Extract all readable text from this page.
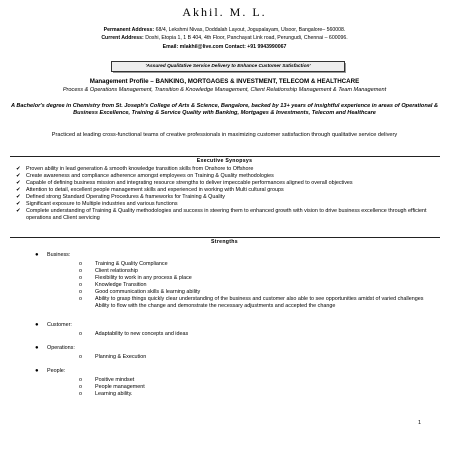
Akhil. M. L.
Permanent Address: 68/4, Lekshmi Nivas, Doddalah Layout, Jogupalayam, Ulsoor, Bangalore– 560008.
Current Address: Doshi, Etopia 1, 1 B 404, 4th Floor, Panchayat Link road, Perungudi, Chennai – 600096.
Email: mlakhil@live.com Contact: +91 9943990067
'Assured Qualitative Service Delivery to Enhance Customer Satisfaction'
Management Profile – BANKING, MORTGAGES & INVESTMENT, TELECOM & HEALTHCARE
Process & Operations Management, Transition & Knowledge Management, Client Relationship Management & Team Management
A Bachelor's degree in Chemistry from St. Joseph's College of Arts & Science, Bangalore, backed by 13+ years of insightful experience in areas of Operational & Business Excellence, Training & Service Quality with Banking, Mortgages & Investments, Telecom and Healthcare
Practiced at leading cross-functional teams of creative professionals in maximizing customer satisfaction through qualitative service delivery
Executive Synopsys
✔ Proven ability in lead generation & smooth knowledge transition skills from Onshore to Offshore
✔ Create awareness and compliance adherence amongst employees on Training & Quality methodologies
✔ Capable of defining business mission and integrating resource strengths to deliver impeccable performances aligned to overall objectives
✔ Attention to detail, excellent people management skills and experienced in working with Multi cultural groups
✔ Defined strong Standard Operating Procedures & frameworks for Training & Quality
✔ Significant exposure to Multiple industries and various functions
✔ Complete understanding of Training & Quality methodologies and success in steering them to enhanced growth with vision to drive business excellence through efficient operations and Client servicing
Strengths
● Business:
o Training & Quality Compliance
o Client relationship
o Flexibility to work in any process & place
o Knowledge Transition
o Good communication skills & learning ability
o Ability to grasp things quickly clear understanding of the business and customer also able to see opportunities amidst of varied challenges Ability to flow with the change and demonstrate the necessary adjustments and accepted the change
● Customer:
o Adaptability to new concepts and ideas
● Operations:
o Planning & Execution
● People:
o Positive mindset
o People management
o Learning ability.
1
